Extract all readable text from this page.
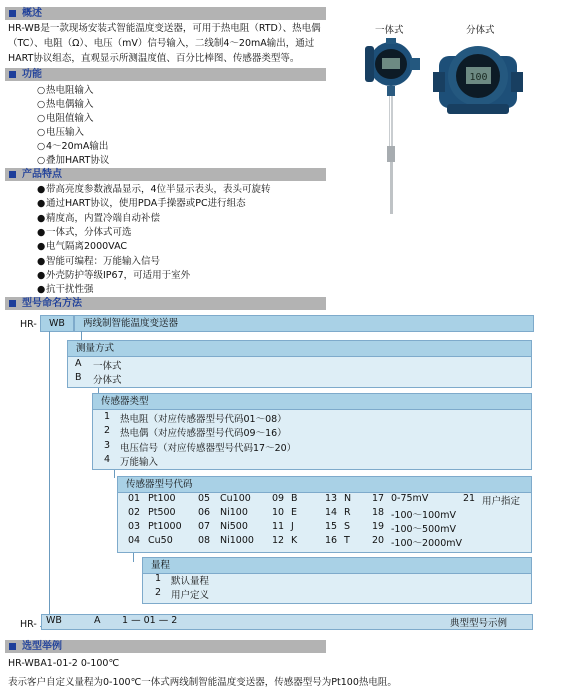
概述
HR-WB是一款现场安装式智能温度变送器，可用于热电阻（RTD）、热电偶（TC）、电阻（Ω）、电压（mV）信号输入，二线制4～20mA输出，通过HART协议组态，直观显示所测温度值、百分比棒图、传感器类型等。
功能
○热电阻输入
○热电偶输入
○电阻值输入
○电压输入
○4～20mA输出
○叠加HART协议
产品特点
●带高亮度参数液晶显示，4位半显示表头，表头可旋转
●通过HART协议，使用PDA手操器或PC进行组态
●精度高，内置冷端自动补偿
●一体式，分体式可选
●电气隔离2000VAC
●智能可编程：万能输入信号
●外壳防护等级IP67，可适用于室外
●抗干扰性强
一体式	分体式
100
型号命名方法
HR-	WB	两线制智能温度变送器
测量方式
A 一体式
B 分体式
传感器类型
1 热电阻（对应传感器型号代码01～08）
2 热电偶（对应传感器型号代码09～16）
3 电压信号（对应传感器型号代码17～20）
4 万能输入
传感器型号代码
01 Pt100 05 Cu100 09 B	13 N 17 0-75mV	21 用户指定
02 Pt500 06 Ni100	10 E	14 R 18 -100～100mV
03 Pt1000 07 Ni500	11 J	15 S 19 -100～500mV
04 Cu50	08 Ni1000 12 K	16 T 20 -100～2000mV
量程
1 默认量程
2 用户定义
HR- WB	A 1 — 01 — 2	典型型号示例
选型举例
HR-WBA1-01-2 0-100℃
表示客户自定义量程为0-100℃一体式两线制智能温度变送器，传感器型号为Pt100热电阻。
